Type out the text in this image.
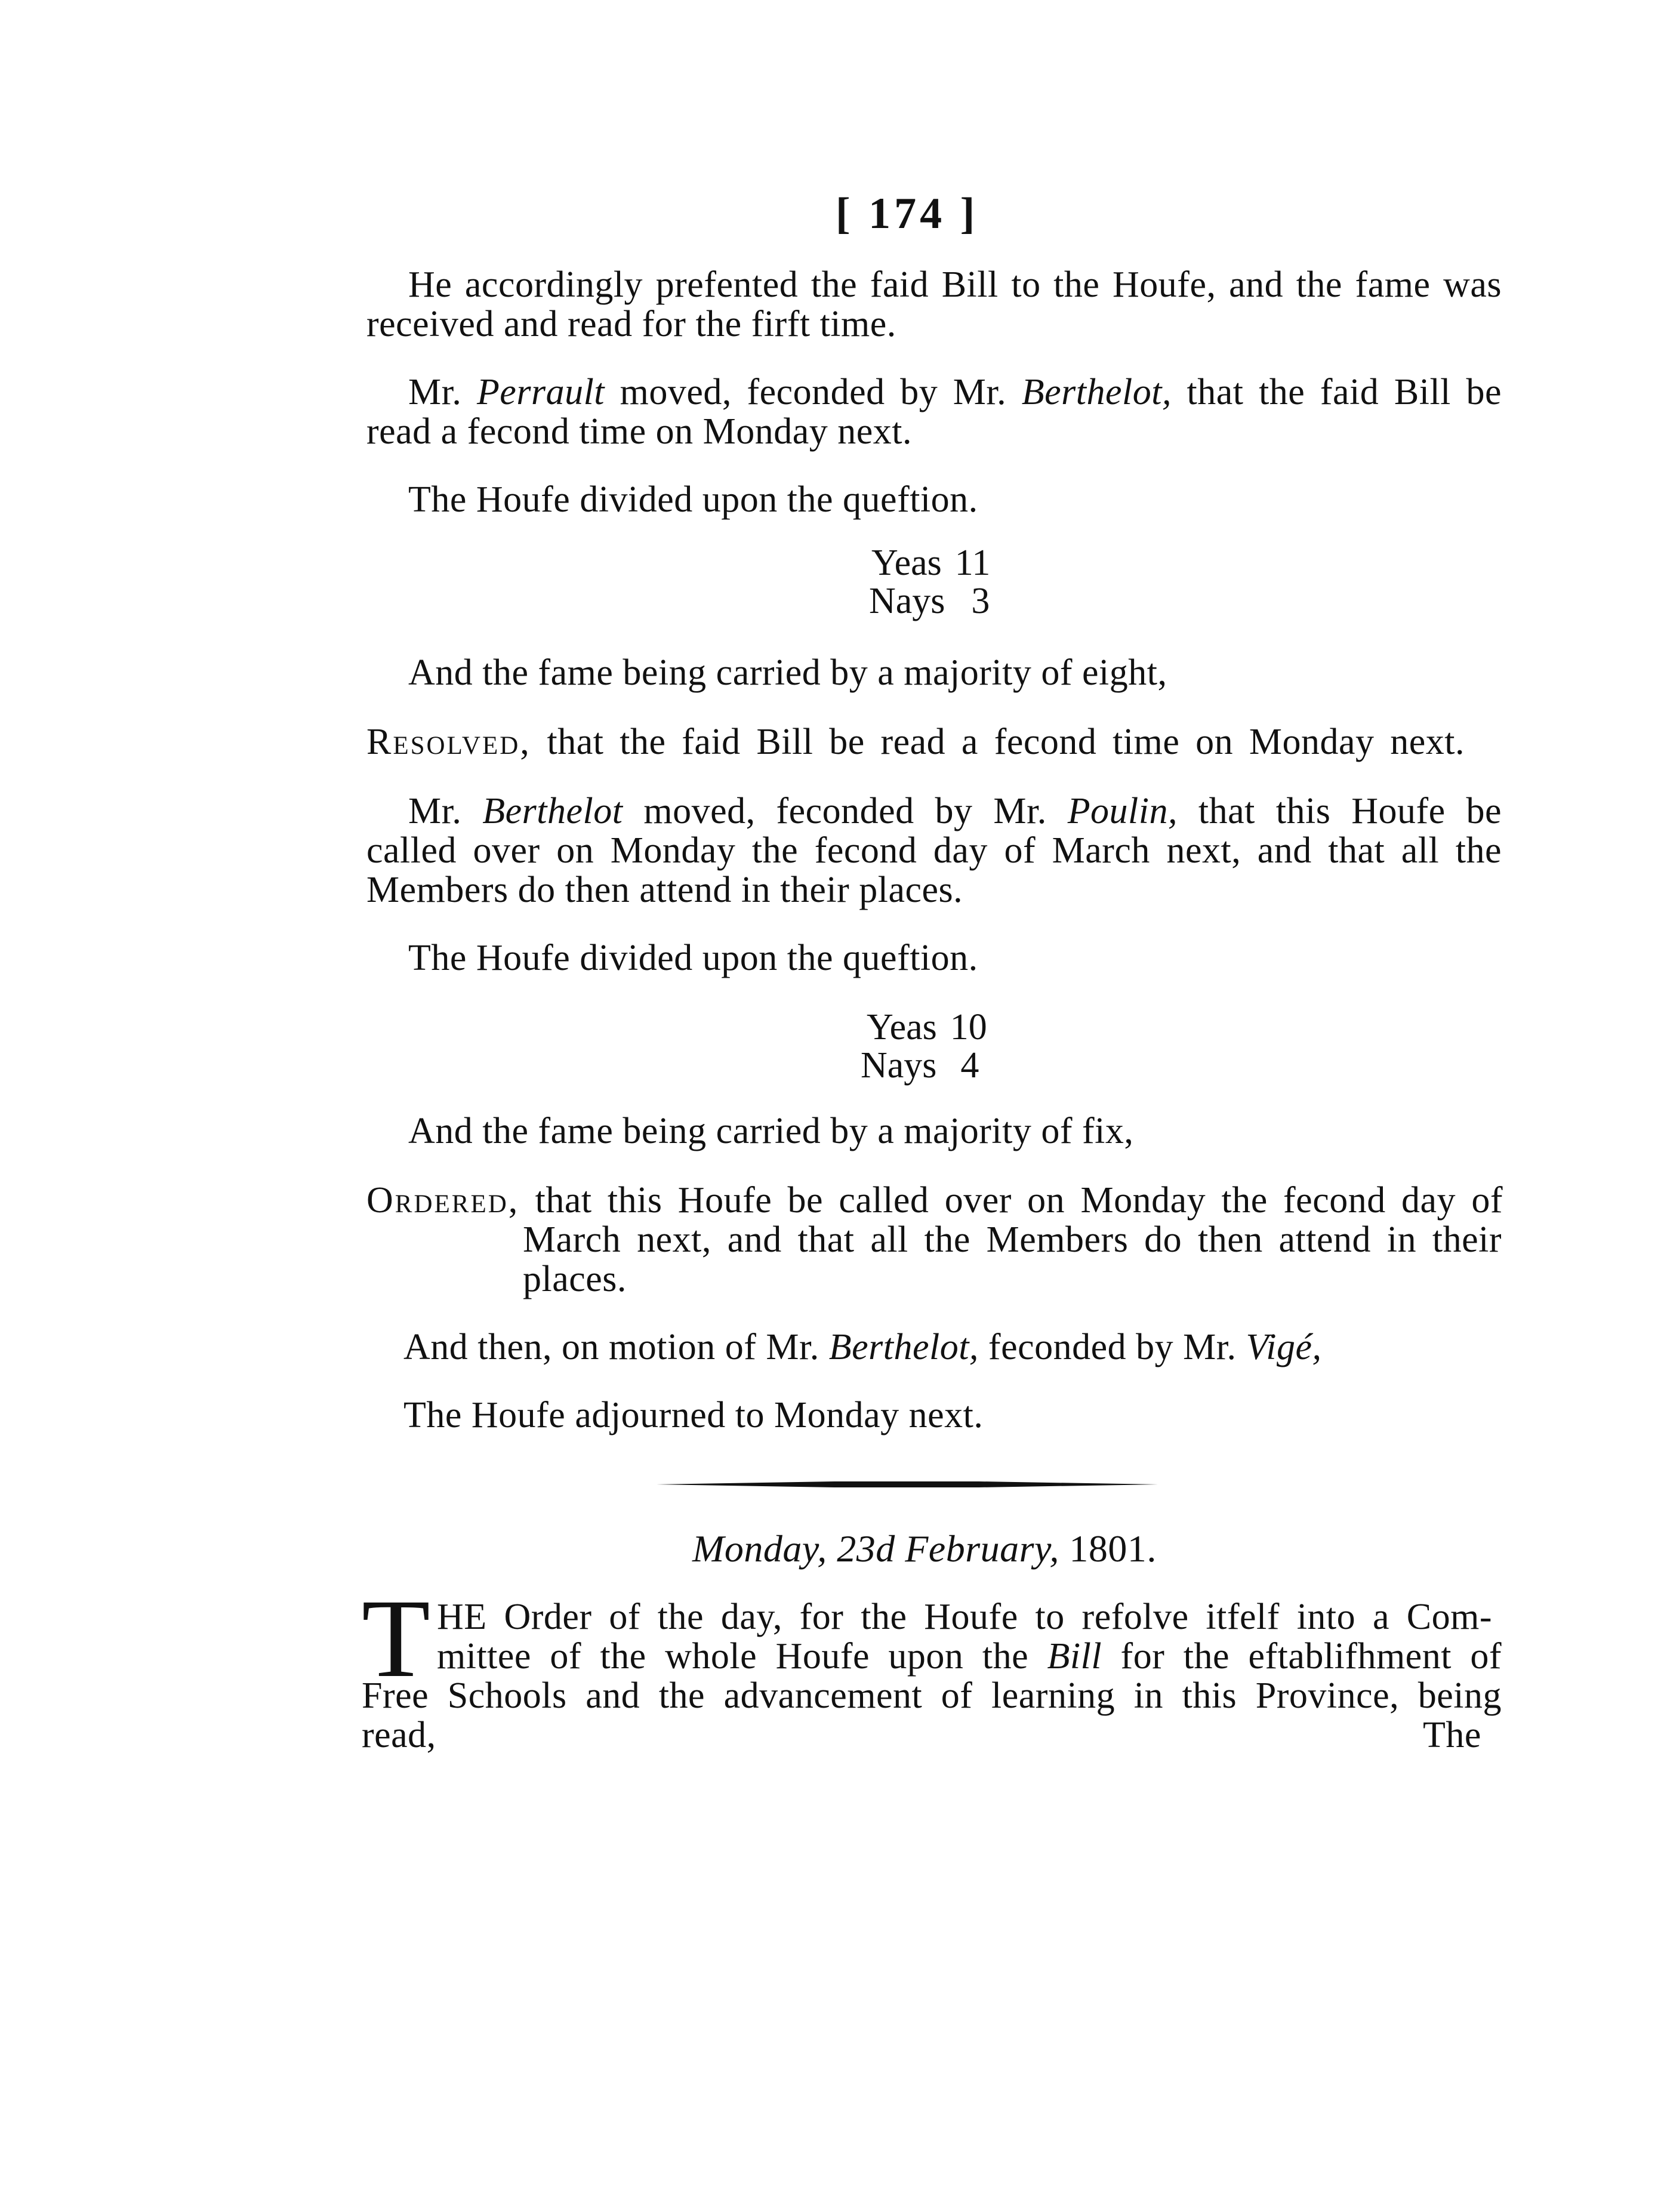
[ 174 ]
He accordingly prefented the faid Bill to the Houfe, and the fame was
received and read for the firft time.
Mr. Perrault moved, feconded by Mr. Berthelot, that the faid Bill be
read a fecond time on Monday next.
The Houfe divided upon the queftion.
Yeas 11
Nays 3
And the fame being carried by a majority of eight,
Resolved, that the faid Bill be read a fecond time on Monday next.
Mr. Berthelot moved, feconded by Mr. Poulin, that this Houfe be
called over on Monday the fecond day of March next, and that all the
Members do then attend in their places.
The Houfe divided upon the queftion.
Yeas 10
Nays 4
And the fame being carried by a majority of fix,
Ordered, that this Houfe be called over on Monday the fecond day of
March next, and that all the Members do then attend in their
places.
And then, on motion of Mr. Berthelot, feconded by Mr. Vigé,
The Houfe adjourned to Monday next.
Monday, 23d February, 1801.
T HE Order of the day, for the Houfe to refolve itfelf into a Com-
mittee of the whole Houfe upon the Bill for the eftablifhment of
Free Schools and the advancement of learning in this Province, being
read,	The
